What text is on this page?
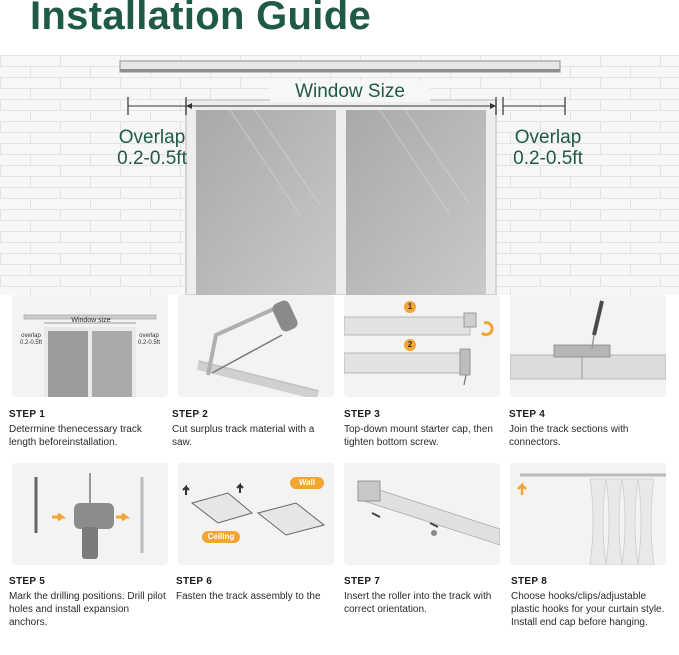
Installation Guide
Window Size
Overlap
0.2-0.5ft
Overlap
0.2-0.5ft
Window size
overlap 0.2-0.5ft
overlap 0.2-0.5ft
1
2
STEP 1
Determine thenecessary track length beforeinstallation.
STEP 2
Cut surplus track material with a saw.
STEP 3
Top-down mount starter cap, then tighten bottom screw.
STEP 4
Join the track sections with connectors.
Wall
Ceiling
STEP 5
Mark the drilling positions. Drill pilot holes and install expansion anchors.
STEP 6
Fasten the track assembly to the
STEP 7
Insert the roller into the track with correct orientation.
STEP 8
Choose hooks/clips/adjustable plastic hooks for your curtain style. Install end cap before hanging.
